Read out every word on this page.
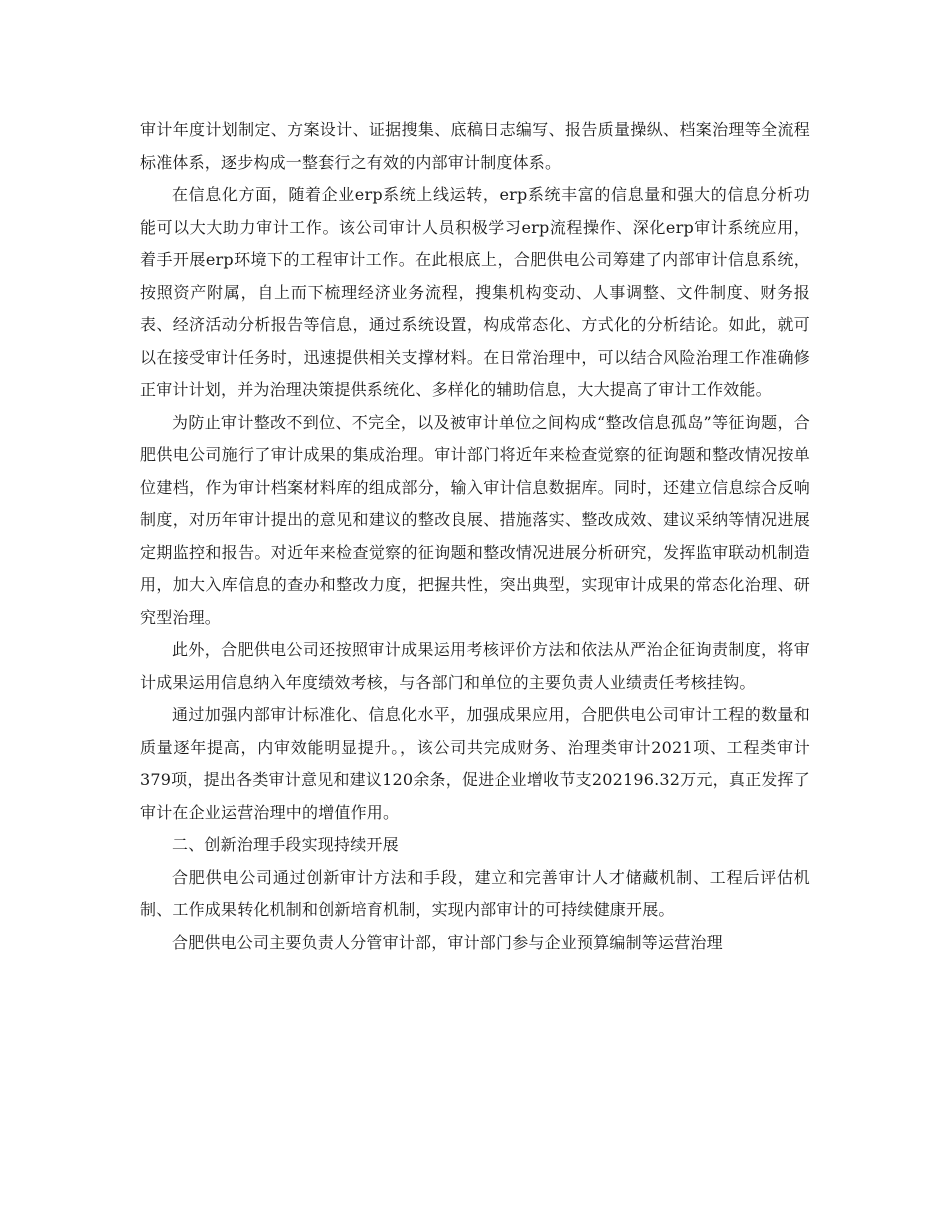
审计年度计划制定、方案设计、证据搜集、底稿日志编写、报告质量操纵、档案治理等全流程标准体系，逐步构成一整套行之有效的内部审计制度体系。

在信息化方面，随着企业erp系统上线运转，erp系统丰富的信息量和强大的信息分析功能可以大大助力审计工作。该公司审计人员积极学习erp流程操作、深化erp审计系统应用，着手开展erp环境下的工程审计工作。在此根底上，合肥供电公司筹建了内部审计信息系统，按照资产附属，自上而下梳理经济业务流程，搜集机构变动、人事调整、文件制度、财务报表、经济活动分析报告等信息，通过系统设置，构成常态化、方式化的分析结论。如此，就可以在接受审计任务时，迅速提供相关支撑材料。在日常治理中，可以结合风险治理工作准确修正审计计划，并为治理决策提供系统化、多样化的辅助信息，大大提高了审计工作效能。

为防止审计整改不到位、不完全，以及被审计单位之间构成“整改信息孤岛”等征询题，合肥供电公司施行了审计成果的集成治理。审计部门将近年来检查觉察的征询题和整改情况按单位建档，作为审计档案材料库的组成部分，输入审计信息数据库。同时，还建立信息综合反响制度，对历年审计提出的意见和建议的整改良展、措施落实、整改成效、建议采纳等情况进展定期监控和报告。对近年来检查觉察的征询题和整改情况进展分析研究，发挥监审联动机制造用，加大入库信息的查办和整改力度，把握共性，突出典型，实现审计成果的常态化治理、研究型治理。

此外，合肥供电公司还按照审计成果运用考核评价方法和依法从严治企征询责制度，将审计成果运用信息纳入年度绩效考核，与各部门和单位的主要负责人业绩责任考核挂钩。

通过加强内部审计标准化、信息化水平，加强成果应用，合肥供电公司审计工程的数量和质量逐年提高，内审效能明显提升。，该公司共完成财务、治理类审计2021项、工程类审计379项，提出各类审计意见和建议120余条，促进企业增收节支202196.32万元，真正发挥了审计在企业运营治理中的增值作用。

二、创新治理手段实现持续开展

合肥供电公司通过创新审计方法和手段，建立和完善审计人才储藏机制、工程后评估机制、工作成果转化机制和创新培育机制，实现内部审计的可持续健康开展。

合肥供电公司主要负责人分管审计部，审计部门参与企业预算编制等运营治理
